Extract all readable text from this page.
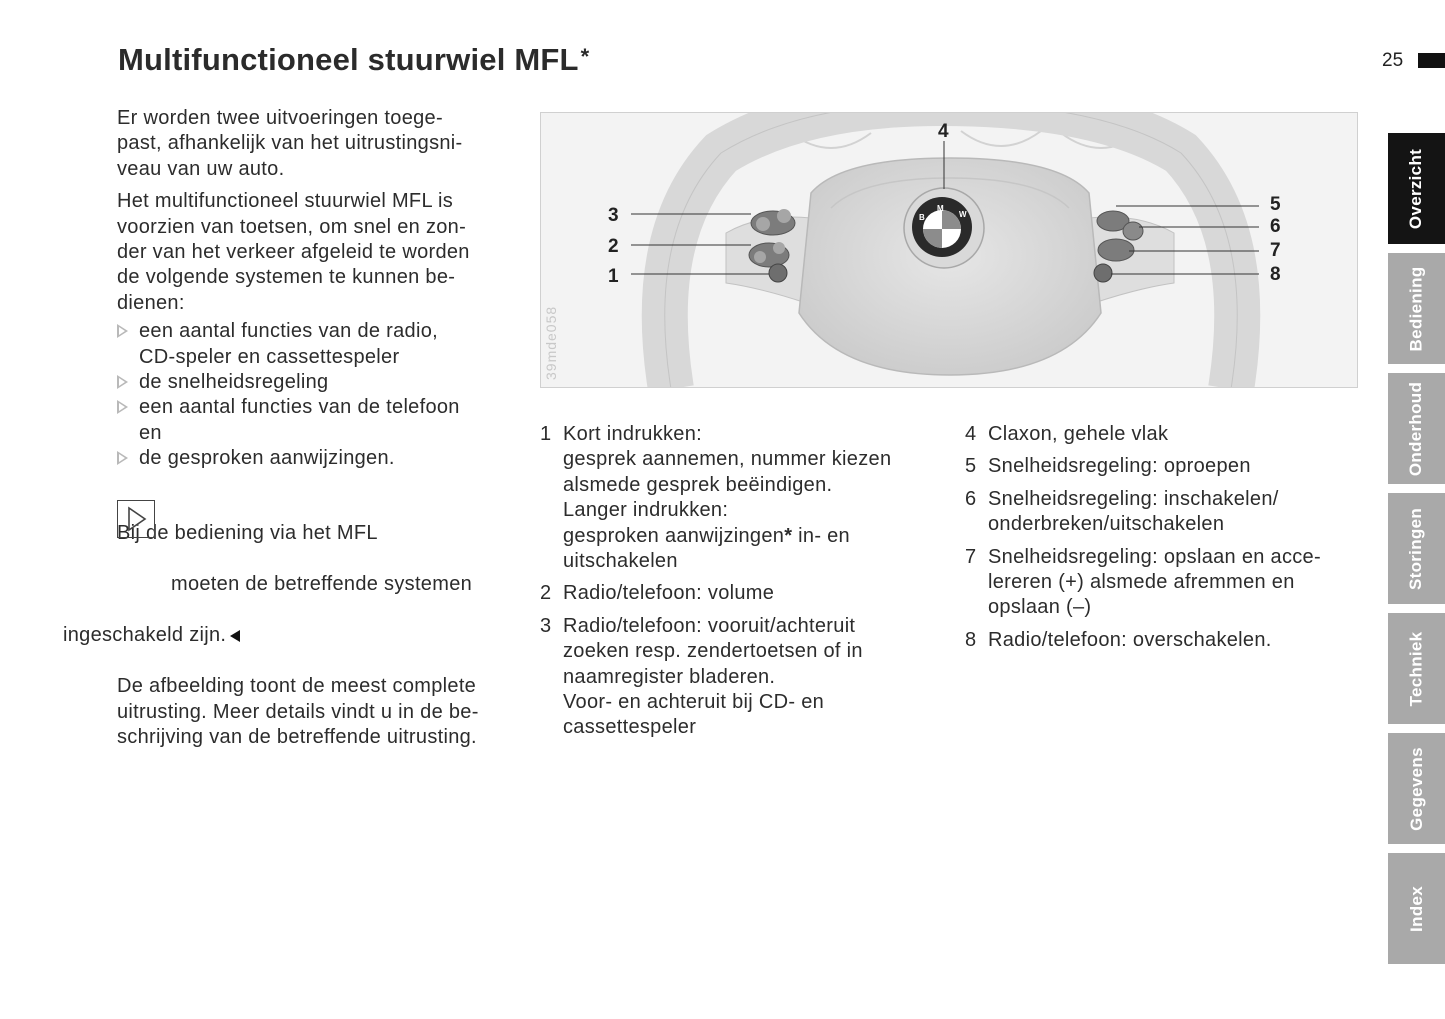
Multifunctioneel stuurwiel MFL*	25

Er worden twee uitvoeringen toege-
past, afhankelijk van het uitrustingsni-
veau van uw auto.

Het multifunctioneel stuurwiel MFL is
voorzien van toetsen, om snel en zon-
der van het verkeer afgeleid te worden
de volgende systemen te kunnen be-
dienen:

een aantal functies van de radio,
CD-speler en cassettespeler
de snelheidsregeling
een aantal functies van de telefoon
en
de gesproken aanwijzingen.

Bij de bediening via het MFL

moeten de betreffende systemen

ingeschakeld zijn.

De afbeelding toont de meest complete
uitrusting. Meer details vindt u in de be-
schrijving van de betreffende uitrusting.

B
M
W
1
2
3
4
5
6
7
8
39mde058
1 Kort indrukken:
gesprek aannemen, nummer kiezen
alsmede gesprek beëindigen.
Langer indrukken:
gesproken aanwijzingen* in- en
uitschakelen
2 Radio/telefoon: volume
3 Radio/telefoon: vooruit/achteruit
zoeken resp. zendertoetsen of in
naamregister bladeren.
Voor- en achteruit bij CD- en
cassettespeler
4 Claxon, gehele vlak
5 Snelheidsregeling: oproepen
6 Snelheidsregeling: inschakelen/
onderbreken/uitschakelen
7 Snelheidsregeling: opslaan en acce-
lereren (+) alsmede afremmen en
opslaan (–)
8 Radio/telefoon: overschakelen.
Overzicht
Bediening
Onderhoud
Storingen
Techniek
Gegevens
Index
